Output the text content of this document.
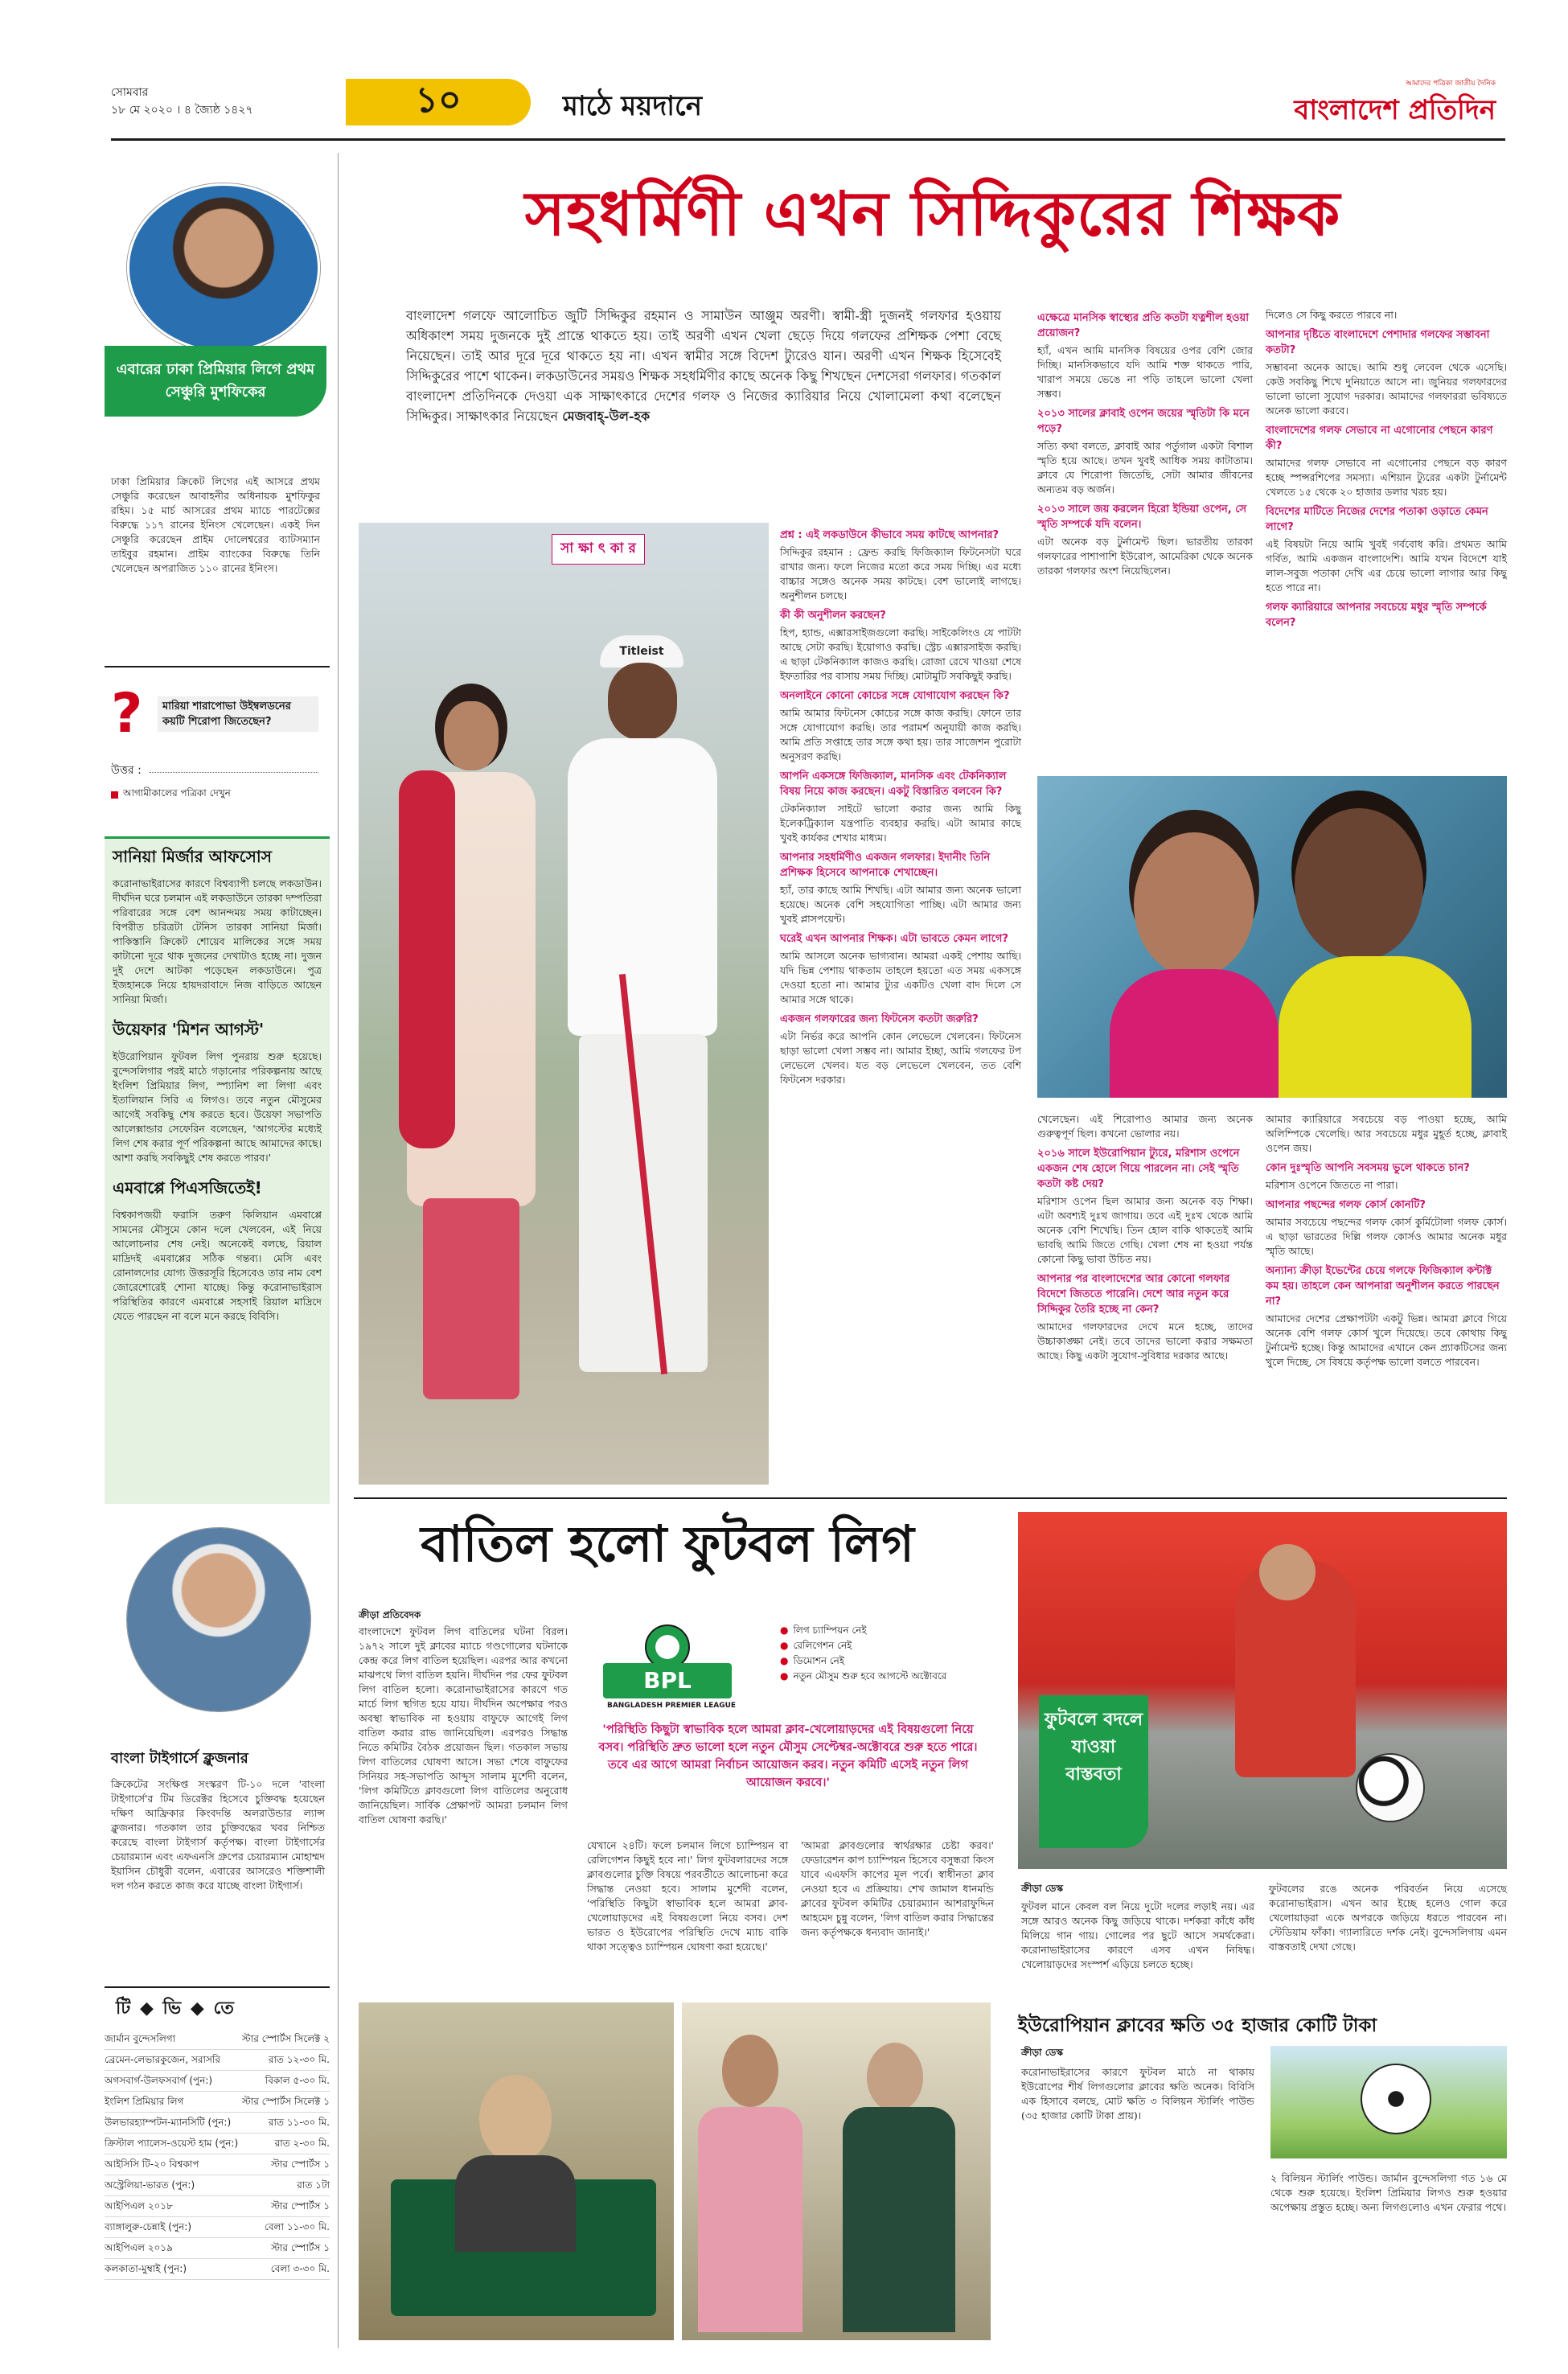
সোমবার
১৮ মে ২০২০ । ৪ জ্যৈষ্ঠ ১৪২৭	১০	মাঠে ময়দানে
আমাদের পত্রিকা জাতীয় দৈনিক
বাংলাদেশ প্রতিদিন
এবারের ঢাকা প্রিমিয়ার লিগে প্রথম সেঞ্চুরি মুশফিকের
ঢাকা প্রিমিয়ার ক্রিকেট লিগের এই আসরে প্রথম সেঞ্চুরি করেছেন আবাহনীর অধিনায়ক মুশফিকুর রহিম। ১৫ মার্চ আসরের প্রথম ম্যাচে পারটেক্সের বিরুদ্ধে ১১৭ রানের ইনিংস খেলেছেন। একই দিন সেঞ্চুরি করেছেন প্রাইম দোলেশ্বরের ব্যাটসম্যান তাইবুর রহমান। প্রাইম ব্যাংকের বিরুদ্ধে তিনি খেলেছেন অপরাজিত ১১০ রানের ইনিংস।
?	মারিয়া শারাপোভা উইম্বলডনের কয়টি শিরোপা জিতেছেন?
উত্তর :
আগামীকালের পত্রিকা দেখুন
সানিয়া মির্জার আফসোস
করোনাভাইরাসের কারণে বিশ্বব্যাপী চলছে লকডাউন। দীর্ঘদিন ঘরে চলমান এই লকডাউনে তারকা দম্পতিরা পরিবারের সঙ্গে বেশ আনন্দময় সময় কাটাচ্ছেন। বিপরীত চরিত্রটা টেনিস তারকা সানিয়া মির্জা। পাকিস্তানি ক্রিকেট শোয়েব মালিকের সঙ্গে সময় কাটানো দূরে থাক দুজনের দেখাটাও হচ্ছে না। দুজন দুই দেশে আটকা পড়েছেন লকডাউনে। পুত্র ইজহানকে নিয়ে হায়দরাবাদে নিজ বাড়িতে আছেন সানিয়া মির্জা।
উয়েফার 'মিশন আগস্ট'
ইউরোপিয়ান ফুটবল লিগ পুনরায় শুরু হয়েছে। বুন্দেসলিগার পরই মাঠে গড়ানোর পরিকল্পনায় আছে ইংলিশ প্রিমিয়ার লিগ, স্প্যানিশ লা লিগা এবং ইতালিয়ান সিরি এ লিগও। তবে নতুন মৌসুমের আগেই সবকিছু শেষ করতে হবে। উয়েফা সভাপতি আলেক্সান্ডার সেফেরিন বলেছেন, 'আগস্টের মধ্যেই লিগ শেষ করার পূর্ণ পরিকল্পনা আছে আমাদের কাছে। আশা করছি সবকিছুই শেষ করতে পারব।'
এমবাপ্পে পিএসজিতেই!
বিশ্বকাপজয়ী ফরাসি তরুণ কিলিয়ান এমবাপ্পে সামনের মৌসুমে কোন দলে খেলবেন, এই নিয়ে আলোচনার শেষ নেই। অনেকেই বলছে, রিয়াল মাদ্রিদই এমবাপ্পের সঠিক গন্তব্য। মেসি এবং রোনালদোর যোগ্য উত্তরসূরি হিসেবেও তার নাম বেশ জোরেশোরেই শোনা যাচ্ছে। কিন্তু করোনাভাইরাস পরিস্থিতির কারণে এমবাপ্পে সহসাই রিয়াল মাদ্রিদে যেতে পারছেন না বলে মনে করছে বিবিসি।
বাংলা টাইগার্সে ক্লুজনার
ক্রিকেটের সংক্ষিপ্ত সংস্করণ টি-১০ দলে 'বাংলা টাইগার্সে'র টিম ডিরেক্টর হিসেবে চুক্তিবদ্ধ হয়েছেন দক্ষিণ আফ্রিকার কিংবদন্তি অলরাউন্ডার ল্যান্স ক্লুজনার। গতকাল তার চুক্তিবদ্ধের খবর নিশ্চিত করেছে বাংলা টাইগার্স কর্তৃপক্ষ। বাংলা টাইগার্সের চেয়ারম্যান এবং এফএনসি গ্রুপের চেয়ারম্যান মোহাম্মদ ইয়াসিন চৌধুরী বলেন, এবারের আসরেও শক্তিশালী দল গঠন করতে কাজ করে যাচ্ছে বাংলা টাইগার্স।
টি ◆ ভি ◆ তে
জার্মান বুন্দেসলিগা	স্টার স্পোর্টস সিলেক্ট ২
ব্রেমেন-লেভারকুজেন, সরাসরি	রাত ১২-৩০ মি.
অগসবার্গ-উলফসবার্গ (পুন:)	বিকাল ৫-৩০ মি.
ইংলিশ প্রিমিয়ার লিগ	স্টার স্পোর্টস সিলেক্ট ১
উলভারহ্যাম্পটন-ম্যানসিটি (পুন:)	রাত ১১-৩০ মি.
ক্রিস্টাল প্যালেস-ওয়েস্ট হাম (পুন:)	রাত ২-৩০ মি.
আইসিসি টি-২০ বিশ্বকাপ	স্টার স্পোর্টস ১
অস্ট্রেলিয়া-ভারত (পুন:)	রাত ১টা
আইপিএল ২০১৮	স্টার স্পোর্টস ১
ব্যাঙ্গালুরু-চেন্নাই (পুন:)	বেলা ১১-৩০ মি.
আইপিএল ২০১৯	স্টার স্পোর্টস ১
কলকাতা-মুম্বাই (পুন:)	বেলা ৩-৩০ মি.
সহধর্মিণী এখন সিদ্দিকুরের শিক্ষক
বাংলাদেশ গলফে আলোচিত জুটি সিদ্দিকুর রহমান ও সামাউন আঞ্জুম অরণী। স্বামী-স্ত্রী দুজনই গলফার হওয়ায় অধিকাংশ সময় দুজনকে দুই প্রান্তে থাকতে হয়। তাই অরণী এখন খেলা ছেড়ে দিয়ে গলফের প্রশিক্ষক পেশা বেছে নিয়েছেন। তাই আর দূরে দূরে থাকতে হয় না। এখন স্বামীর সঙ্গে বিদেশ ট্যুরেও যান। অরণী এখন শিক্ষক হিসেবেই সিদ্দিকুরের পাশে থাকেন। লকডাউনের সময়ও শিক্ষক সহধর্মিণীর কাছে অনেক কিছু শিখছেন দেশসেরা গলফার। গতকাল বাংলাদেশ প্রতিদিনকে দেওয়া এক সাক্ষাৎকারে দেশের গলফ ও নিজের ক্যারিয়ার নিয়ে খোলামেলা কথা বলেছেন সিদ্দিকুর। সাক্ষাৎকার নিয়েছেন মেজবাহ্-উল-হক
সা ক্ষা ৎ কা র
Titleist
প্রশ্ন : এই লকডাউনে কীভাবে সময় কাটছে আপনার?
সিদ্দিকুর রহমান : ফ্রেন্ড করছি ফিজিক্যাল ফিটনেসটা ঘরে রাখার জন্য। ফলে নিজের মতো করে সময় দিচ্ছি। এর মধ্যে বাচ্চার সঙ্গেও অনেক সময় কাটছে। বেশ ভালোই লাগছে। অনুশীলন চলছে।
কী কী অনুশীলন করছেন?
হিপ, হ্যান্ড, এক্সারসাইজগুলো করছি। সাইকেলিংও যে পাটটা আছে সেটা করছি। ইয়োগাও করছি। স্ট্রেচ এক্সারসাইজ করছি। এ ছাড়া টেকনিক্যাল কাজও করছি। রোজা রেখে খাওয়া শেষে ইফতারির পর বাসায় সময় দিচ্ছি। মোটামুটি সবকিছুই করছি।
অনলাইনে কোনো কোচের সঙ্গে যোগাযোগ করছেন কি?
আমি আমার ফিটনেস কোচের সঙ্গে কাজ করছি। ফোনে তার সঙ্গে যোগাযোগ করছি। তার পরামর্শ অনুযায়ী কাজ করছি। আমি প্রতি সপ্তাহে তার সঙ্গে কথা হয়। তার সাজেশন পুরোটা অনুসরণ করছি।
আপনি একসঙ্গে ফিজিক্যাল, মানসিক এবং টেকনিক্যাল বিষয় নিয়ে কাজ করছেন। একটু বিস্তারিত বলবেন কি?
টেকনিক্যাল সাইটে ভালো করার জন্য আমি কিছু ইলেকট্রিক্যাল যন্ত্রপাতি ব্যবহার করছি। এটা আমার কাছে খুবই কার্যকর শেখার মাধ্যম।
আপনার সহধর্মিণীও একজন গলফার। ইদানীং তিনি প্রশিক্ষক হিসেবে আপনাকে শেখাচ্ছেন।
হ্যাঁ, তার কাছে আমি শিখছি। এটা আমার জন্য অনেক ভালো হয়েছে। অনেক বেশি সহযোগিতা পাচ্ছি। এটা আমার জন্য খুবই প্লাসপয়েন্ট।
ঘরেই এখন আপনার শিক্ষক। এটা ভাবতে কেমন লাগে?
আমি আসলে অনেক ভাগ্যবান। আমরা একই পেশায় আছি। যদি ভিন্ন পেশায় থাকতাম তাহলে হয়তো এত সময় একসঙ্গে দেওয়া হতো না। আমার ট্যুর একটিও খেলা বাদ দিলে সে আমার সঙ্গে থাকে।
একজন গলফারের জন্য ফিটনেস কতটা জরুরি?
এটা নির্ভর করে আপনি কোন লেভেলে খেলবেন। ফিটনেস ছাড়া ভালো খেলা সম্ভব না। আমার ইচ্ছা, আমি গলফের টপ লেভেলে খেলব। যত বড় লেভেলে খেলবেন, তত বেশি ফিটনেস দরকার।
এক্ষেত্রে মানসিক স্বাস্থ্যের প্রতি কতটা যত্নশীল হওয়া প্রয়োজন?
হ্যাঁ, এখন আমি মানসিক বিষয়ের ওপর বেশি জোর দিচ্ছি। মানসিকভাবে যদি আমি শক্ত থাকতে পারি, খারাপ সময়ে ভেঙে না পড়ি তাহলে ভালো খেলা সম্ভব।
২০১৩ সালের ক্লাবাই ওপেন জয়ের স্মৃতিটা কি মনে পড়ে?
সত্যি কথা বলতে, ক্লাবাই আর পর্তুগাল একটা বিশাল স্মৃতি হয়ে আছে। তখন খুবই আধিক সময় কাটাতাম। ক্লাবে যে শিরোপা জিতেছি, সেটা আমার জীবনের অন্যতম বড় অর্জন।
২০১৩ সালে জয় করলেন হিরো ইন্ডিয়া ওপেন, সে স্মৃতি সম্পর্কে যদি বলেন।
এটা অনেক বড় টুর্নামেন্ট ছিল। ভারতীয় তারকা গলফারের পাশাপাশি ইউরোপ, আমেরিকা থেকে অনেক তারকা গলফার অংশ নিয়েছিলেন।
দিলেও সে কিছু করতে পারবে না।
আপনার দৃষ্টিতে বাংলাদেশে পেশাদার গলফের সম্ভাবনা কতটা?
সম্ভাবনা অনেক আছে। আমি শুধু লেবেল থেকে এসেছি। কেউ সবকিছু শিখে দুনিয়াতে আসে না। জুনিয়র গলফারদের ভালো ভালো সুযোগ দরকার। আমাদের গলফাররা ভবিষ্যতে অনেক ভালো করবে।
বাংলাদেশের গলফ সেভাবে না এগোনোর পেছনে কারণ কী?
আমাদের গলফ সেভাবে না এগোনোর পেছনে বড় কারণ হচ্ছে স্পন্সরশিপের সমস্যা। এশিয়ান ট্যুরের একটা টুর্নামেন্ট খেলতে ১৫ থেকে ২০ হাজার ডলার খরচ হয়।
বিদেশের মাটিতে নিজের দেশের পতাকা ওড়াতে কেমন লাগে?
এই বিষয়টা নিয়ে আমি খুবই গর্ববোধ করি। প্রথমত আমি গর্বিত, আমি একজন বাংলাদেশি। আমি যখন বিদেশে যাই লাল-সবুজ পতাকা দেখি এর চেয়ে ভালো লাগার আর কিছু হতে পারে না।
গলফ ক্যারিয়ারে আপনার সবচেয়ে মধুর স্মৃতি সম্পর্কে বলেন?
খেলেছেন। এই শিরোপাও আমার জন্য অনেক গুরুত্বপূর্ণ ছিল। কখনো ভোলার নয়।
২০১৬ সালে ইউরোপিয়ান ট্যুরে, মরিশাস ওপেনে একজন শেষ হোলে গিয়ে পারলেন না। সেই স্মৃতি কতটা কষ্ট দেয়?
মরিশাস ওপেন ছিল আমার জন্য অনেক বড় শিক্ষা। এটা অবশ্যই দুঃখ জাগায়। তবে এই দুঃখ থেকে আমি অনেক বেশি শিখেছি। তিন হোল বাকি থাকতেই আমি ভাবছি আমি জিতে গেছি। খেলা শেষ না হওয়া পর্যন্ত কোনো কিছু ভাবা উচিত নয়।
আপনার পর বাংলাদেশের আর কোনো গলফার বিদেশে জিততে পারেনি। দেশে আর নতুন করে সিদ্দিকুর তৈরি হচ্ছে না কেন?
আমাদের গলফারদের দেখে মনে হচ্ছে, তাদের উচ্চাকাঙ্ক্ষা নেই। তবে তাদের ভালো করার সক্ষমতা আছে। কিছু একটা সুযোগ-সুবিধার দরকার আছে।
আমার ক্যারিয়ারে সবচেয়ে বড় পাওয়া হচ্ছে, আমি অলিম্পিকে খেলেছি। আর সবচেয়ে মধুর মুহূর্ত হচ্ছে, ক্লাবাই ওপেন জয়।
কোন দুঃস্মৃতি আপনি সবসময় ভুলে থাকতে চান?
মরিশাস ওপেনে জিততে না পারা।
আপনার পছন্দের গলফ কোর্স কোনটি?
আমার সবচেয়ে পছন্দের গলফ কোর্স কুর্মিটোলা গলফ কোর্স। এ ছাড়া ভারতের দিল্লি গলফ কোর্সও আমার অনেক মধুর স্মৃতি আছে।
অন্যান্য ক্রীড়া ইভেন্টের চেয়ে গলফে ফিজিক্যাল কন্টাক্ট কম হয়। তাহলে কেন আপনারা অনুশীলন করতে পারছেন না?
আমাদের দেশের প্রেক্ষাপটটা একটু ভিন্ন। আমরা ক্লাবে গিয়ে অনেক বেশি গলফ কোর্স খুলে দিয়েছে। তবে কোথায় কিছু টুর্নামেন্ট হচ্ছে। কিন্তু আমাদের এখানে কেন প্র্যাকটিসের জন্য খুলে দিচ্ছে, সে বিষয়ে কর্তৃপক্ষ ভালো বলতে পারবেন।
বাতিল হলো ফুটবল লিগ
ক্রীড়া প্রতিবেদক
BPL
BANGLADESH PREMIER LEAGUE
● লিগ চ্যাম্পিয়ন নেই
● রেলিগেশন নেই
● ডিমোশন নেই
● নতুন মৌসুম শুরু হবে আগস্টে অক্টোবরে
'পরিস্থিতি কিছুটা স্বাভাবিক হলে আমরা ক্লাব-খেলোয়াড়দের এই বিষয়গুলো নিয়ে বসব। পরিস্থিতি দ্রুত ভালো হলে নতুন মৌসুম সেপ্টেম্বর-অক্টোবরে শুরু হতে পারে। তবে এর আগে আমরা নির্বাচন আয়োজন করব। নতুন কমিটি এসেই নতুন লিগ আয়োজন করবে।'
বাংলাদেশে ফুটবল লিগ বাতিলের ঘটনা বিরল। ১৯৭২ সালে দুই ক্লাবের ম্যাচে গণ্ডগোলের ঘটনাকে কেন্দ্র করে লিগ বাতিল হয়েছিল। এরপর আর কখনো মাঝপথে লিগ বাতিল হয়নি। দীর্ঘদিন পর ফের ফুটবল লিগ বাতিল হলো। করোনাভাইরাসের কারণে গত মার্চে লিগ স্থগিত হয়ে যায়। দীর্ঘদিন অপেক্ষার পরও অবস্থা স্বাভাবিক না হওয়ায় বাফুফে আগেই লিগ বাতিল করার রাভ জানিয়েছিল। এরপরও সিদ্ধান্ত নিতে কমিটির বৈঠক প্রয়োজন ছিল। গতকাল সভায় লিগ বাতিলের ঘোষণা আসে। সভা শেষে বাফুফের সিনিয়র সহ-সভাপতি আব্দুস সালাম মুর্শেদী বলেন, 'লিগ কমিটিতে ক্লাবগুলো লিগ বাতিলের অনুরোধ জানিয়েছিল। সার্বিক প্রেক্ষাপট আমরা চলমান লিগ বাতিল ঘোষণা করছি।'
যেখানে ২৪টি। ফলে চলমান লিগে চ্যাম্পিয়ন বা রেলিগেশন কিছুই হবে না।' লিগ ফুটবলারদের সঙ্গে ক্লাবগুলোর চুক্তি বিষয়ে পরবর্তীতে আলোচনা করে সিদ্ধান্ত নেওয়া হবে। সালাম মুর্শেদী বলেন, 'পরিস্থিতি কিছুটা স্বাভাবিক হলে আমরা ক্লাব-খেলোয়াড়দের এই বিষয়গুলো নিয়ে বসব। দেশ ভারত ও ইউরোপের পরিস্থিতি দেখে ম্যাচ বাকি থাকা সত্ত্বেও চ্যাম্পিয়ন ঘোষণা করা হয়েছে।'
'আমরা ক্লাবগুলোর স্বার্থরক্ষার চেষ্টা করব।' ফেডারেশন কাপ চ্যাম্পিয়ন হিসেবে বসুন্ধরা কিংস যাবে এএফসি কাপের মূল পর্বে। স্বাধীনতা ক্লাব নেওয়া হবে এ প্রক্রিয়ায়। শেখ জামাল ধানমন্ডি ক্লাবের ফুটবল কমিটির চেয়ারম্যান আশরাফুদ্দিন আহমেদ চুন্নু বলেন, 'লিগ বাতিল করার সিদ্ধান্তের জন্য কর্তৃপক্ষকে ধন্যবাদ জানাই।'
ফুটবলে বদলে যাওয়া বাস্তবতা
ক্রীড়া ডেস্ক
ফুটবল মানে কেবল বল নিয়ে দুটো দলের লড়াই নয়। এর সঙ্গে আরও অনেক কিছু জড়িয়ে থাকে। দর্শকরা কাঁধে কাঁধ মিলিয়ে গান গায়। গোলের পর ছুটে আসে সমর্থকেরা। করোনাভাইরাসের কারণে এসব এখন নিষিদ্ধ। খেলোয়াড়দের সংস্পর্শ এড়িয়ে চলতে হচ্ছে।
ফুটবলের রঙে অনেক পরিবর্তন নিয়ে এসেছে করোনাভাইরাস। এখন আর ইচ্ছে হলেও গোল করে খেলোয়াড়রা একে অপরকে জড়িয়ে ধরতে পারবেন না। স্টেডিয়াম ফাঁকা। গ্যালারিতে দর্শক নেই। বুন্দেসলিগায় এমন বাস্তবতাই দেখা গেছে।
ইউরোপিয়ান ক্লাবের ক্ষতি ৩৫ হাজার কোটি টাকা
ক্রীড়া ডেস্ক
করোনাভাইরাসের কারণে ফুটবল মাঠে না থাকায় ইউরোপের শীর্ষ লিগগুলোর ক্লাবের ক্ষতি অনেক। বিবিসি এক হিসাবে বলছে, মোট ক্ষতি ৩ বিলিয়ন স্টার্লিং পাউন্ড (৩৫ হাজার কোটি টাকা প্রায়)।
২ বিলিয়ন স্টার্লিং পাউন্ড। জার্মান বুন্দেসলিগা গত ১৬ মে থেকে শুরু হয়েছে। ইংলিশ প্রিমিয়ার লিগও শুরু হওয়ার অপেক্ষায় প্রস্তুত হচ্ছে। অন্য লিগগুলোও এখন ফেরার পথে।
